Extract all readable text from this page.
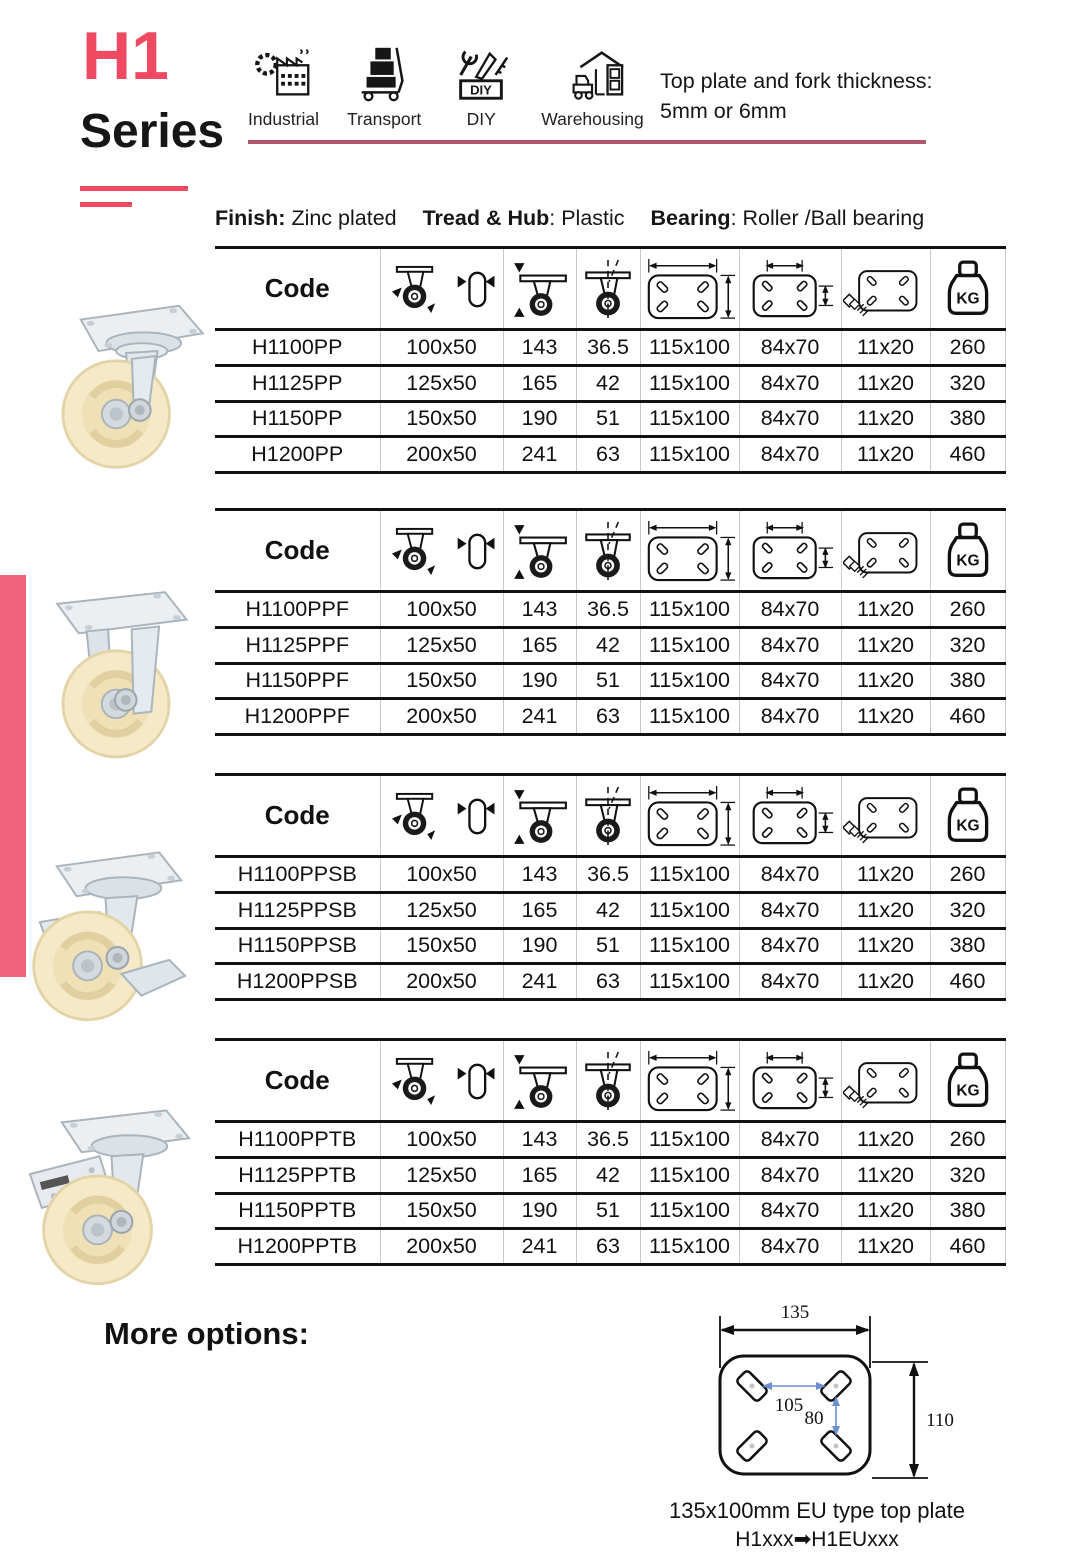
H1
Series Industrial Transport
DIY
DIY	Warehousing
Top plate and fork thickness:
5mm or 6mm
Finish: Zinc plated Tread & Hub: Plastic Bearing: Roller /Ball bearing
Code							
H1100PP	100x50	143	36.5	115x100	84x70	11x20	260
H1125PP	125x50	165	42	115x100	84x70	11x20	320
H1150PP	150x50	190	51	115x100	84x70	11x20	380
H1200PP	200x50	241	63	115x100	84x70	11x20	460
Code							
H1100PPF	100x50	143	36.5	115x100	84x70	11x20	260
H1125PPF	125x50	165	42	115x100	84x70	11x20	320
H1150PPF	150x50	190	51	115x100	84x70	11x20	380
H1200PPF	200x50	241	63	115x100	84x70	11x20	460
Code							
H1100PPSB	100x50	143	36.5	115x100	84x70	11x20	260
H1125PPSB	125x50	165	42	115x100	84x70	11x20	320
H1150PPSB	150x50	190	51	115x100	84x70	11x20	380
H1200PPSB	200x50	241	63	115x100	84x70	11x20	460
Code							
H1100PPTB	100x50	143	36.5	115x100	84x70	11x20	260
H1125PPTB	125x50	165	42	115x100	84x70	11x20	320
H1150PPTB	150x50	190	51	115x100	84x70	11x20	380
H1200PPTB	200x50	241	63	115x100	84x70	11x20	460
More options:
135
110
105
80
135x100mm EU type top plate
H1xxx➡H1EUxxx
